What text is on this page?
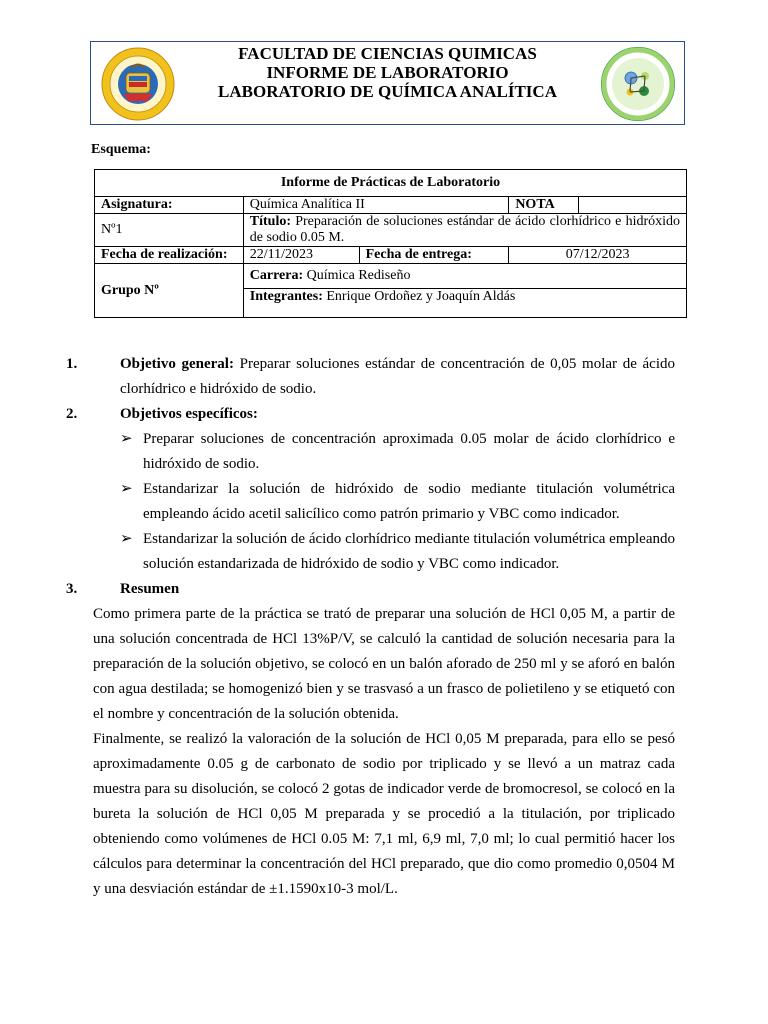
FACULTAD DE CIENCIAS QUIMICAS
INFORME DE LABORATORIO
LABORATORIO DE QUÍMICA ANALÍTICA
Esquema:
Informe de Prácticas de Laboratorio				
Asignatura:	Química Analítica II		NOTA	
Nº1	Título: Preparación de soluciones estándar de ácido clorhídrico e hidróxido de sodio 0.05 M.			
Fecha de realización:	22/11/2023	Fecha de entrega:	07/12/2023	
Grupo Nº	Carrera: Química Rediseño			
	Integrantes: Enrique Ordoñez y Joaquín Aldás			

1.	Objetivo general: Preparar soluciones estándar de concentración de 0,05 molar de ácido clorhídrico e hidróxido de sodio.

2.	Objetivos específicos:

➢ Preparar soluciones de concentración aproximada 0.05 molar de ácido clorhídrico e hidróxido de sodio.

➢ Estandarizar la solución de hidróxido de sodio mediante titulación volumétrica empleando ácido acetil salicílico como patrón primario y VBC como indicador.

➢ Estandarizar la solución de ácido clorhídrico mediante titulación volumétrica empleando solución estandarizada de hidróxido de sodio y VBC como indicador.

3.	Resumen

Como primera parte de la práctica se trató de preparar una solución de HCl 0,05 M, a partir de una solución concentrada de HCl 13%P/V, se calculó la cantidad de solución necesaria para la preparación de la solución objetivo, se colocó en un balón aforado de 250 ml y se aforó en balón con agua destilada; se homogenizó bien y se trasvasó a un frasco de polietileno y se etiquetó con el nombre y concentración de la solución obtenida.

Finalmente, se realizó la valoración de la solución de HCl 0,05 M preparada, para ello se pesó aproximadamente 0.05 g de carbonato de sodio por triplicado y se llevó a un matraz cada muestra para su disolución, se colocó 2 gotas de indicador verde de bromocresol, se colocó en la bureta la solución de HCl 0,05 M preparada y se procedió a la titulación, por triplicado obteniendo como volúmenes de HCl 0.05 M: 7,1 ml, 6,9 ml, 7,0 ml; lo cual permitió hacer los cálculos para determinar la concentración del HCl preparado, que dio como promedio 0,0504 M y una desviación estándar de ±1.1590x10-3 mol/L.
